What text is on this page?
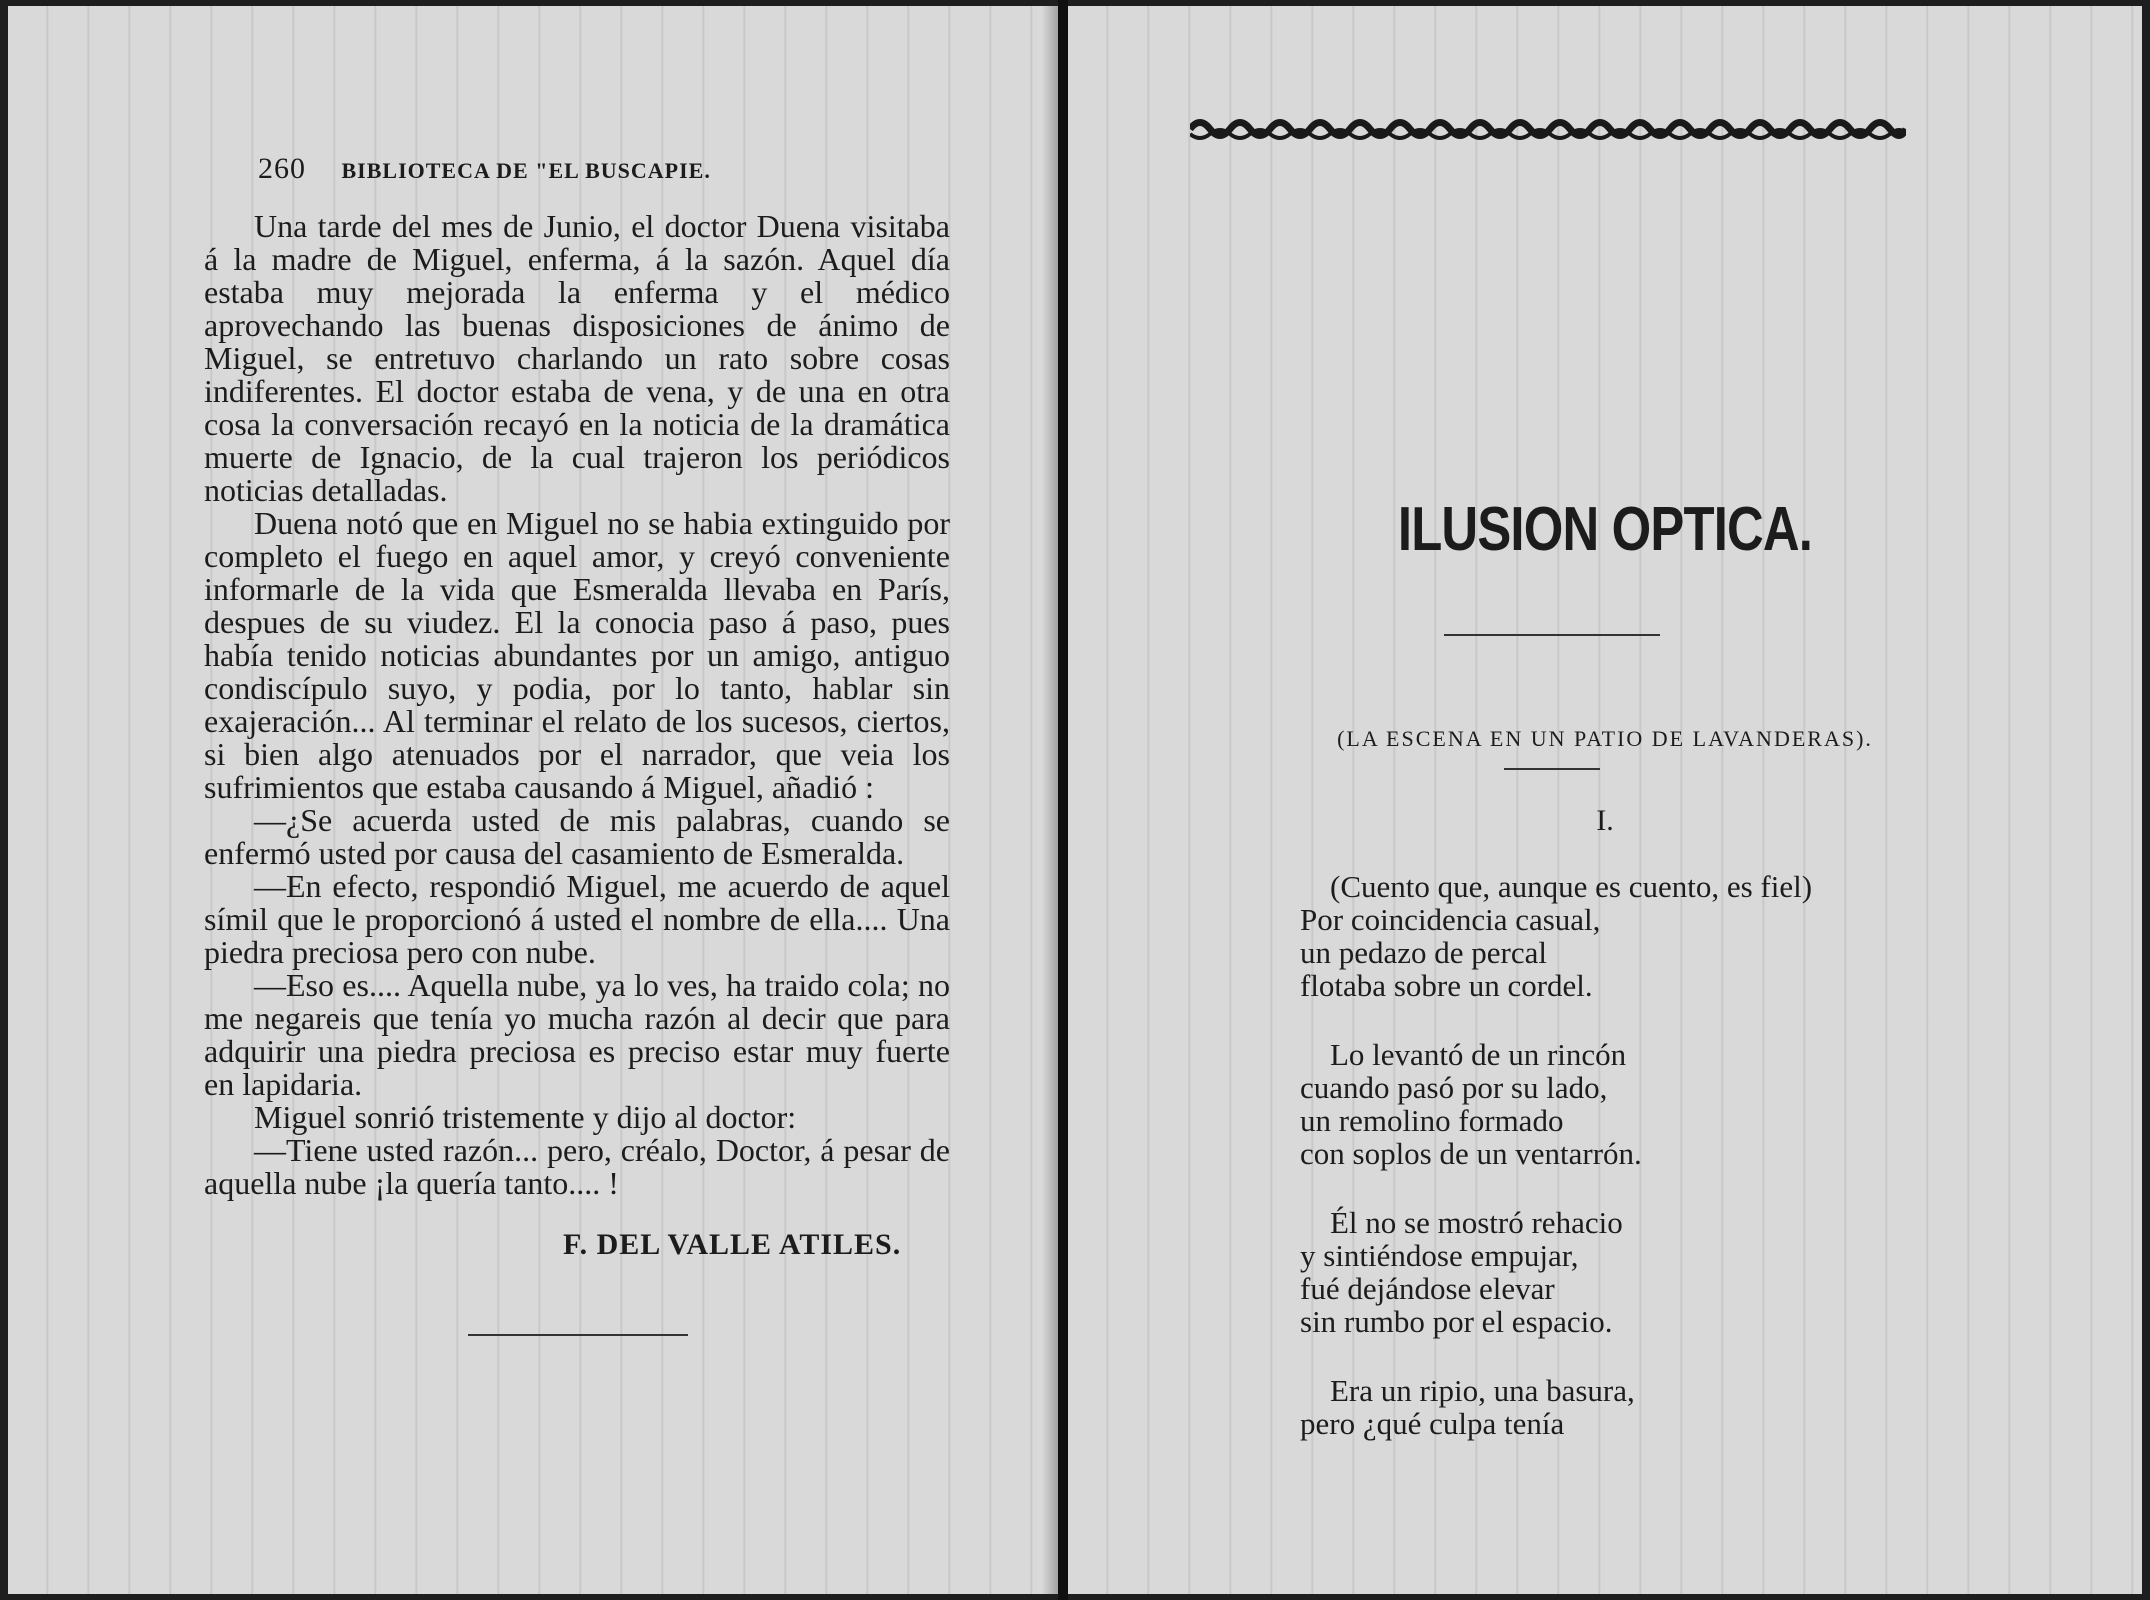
260 BIBLIOTECA DE "EL BUSCAPIE.

Una tarde del mes de Junio, el doctor Duena visitaba á la madre de Miguel, enferma, á la sazón. Aquel día estaba muy mejorada la enferma y el médico aprovechando las buenas disposiciones de ánimo de Miguel, se entretuvo charlando un rato sobre cosas indiferentes. El doctor estaba de vena, y de una en otra cosa la conversación recayó en la noticia de la dramática muerte de Ignacio, de la cual trajeron los periódicos noticias detalladas.

Duena notó que en Miguel no se habia extinguido por completo el fuego en aquel amor, y creyó conveniente informarle de la vida que Esmeralda llevaba en París, despues de su viudez. El la conocia paso á paso, pues había tenido noticias abundantes por un amigo, antiguo condiscípulo suyo, y podia, por lo tanto, hablar sin exajeración... Al terminar el relato de los sucesos, ciertos, si bien algo atenuados por el narrador, que veia los sufrimientos que estaba causando á Miguel, añadió :

—¿Se acuerda usted de mis palabras, cuando se enfermó usted por causa del casamiento de Esmeralda.

—En efecto, respondió Miguel, me acuerdo de aquel símil que le proporcionó á usted el nombre de ella.... Una piedra preciosa pero con nube.

—Eso es.... Aquella nube, ya lo ves, ha traido cola; no me negareis que tenía yo mucha razón al decir que para adquirir una piedra preciosa es preciso estar muy fuerte en lapidaria.

Miguel sonrió tristemente y dijo al doctor:

—Tiene usted razón... pero, créalo, Doctor, á pesar de aquella nube ¡la quería tanto.... !

F. DEL VALLE ATILES.
ILUSION OPTICA.
(LA ESCENA EN UN PATIO DE LAVANDERAS).
I.
(Cuento que, aunque es cuento, es fiel)
Por coincidencia casual,
un pedazo de percal
flotaba sobre un cordel.
Lo levantó de un rincón
cuando pasó por su lado,
un remolino formado
con soplos de un ventarrón.
Él no se mostró rehacio
y sintiéndose empujar,
fué dejándose elevar
sin rumbo por el espacio.
Era un ripio, una basura,
pero ¿qué culpa tenía
